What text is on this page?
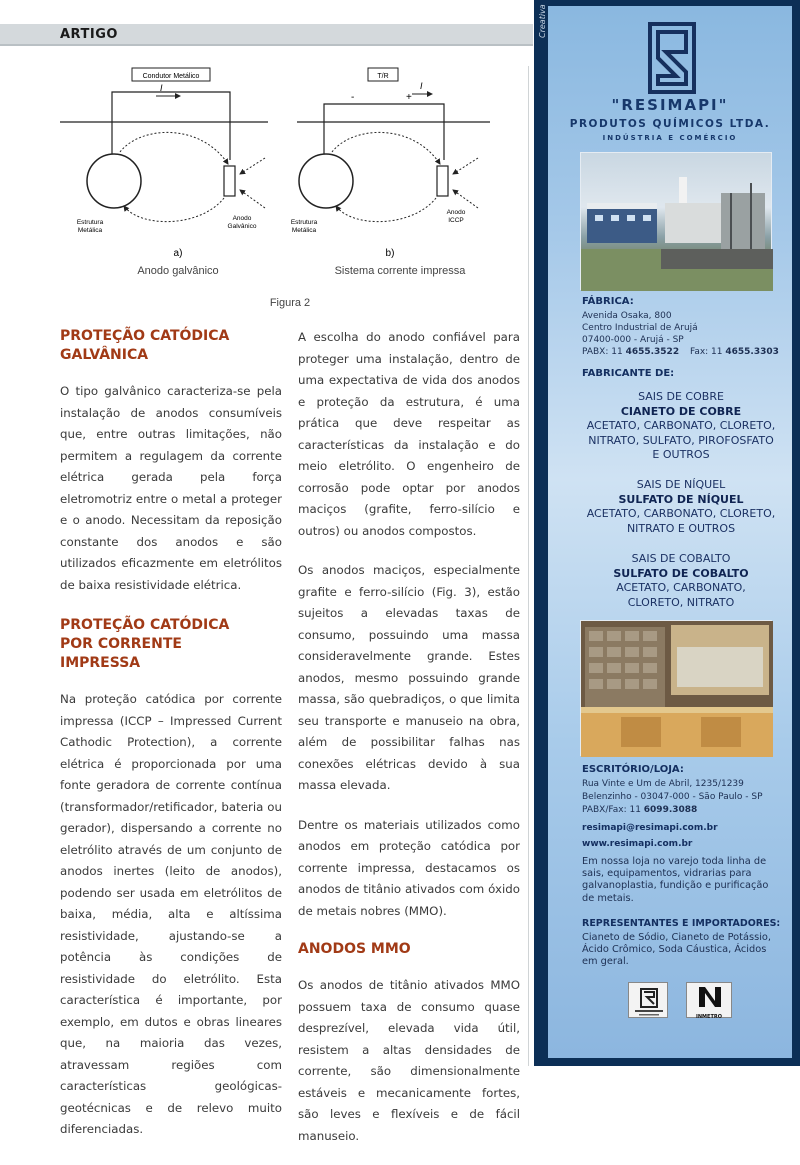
ARTIGO
Condutor Metálico
I
Estrutura
Metálica
Anodo
Galvânico
a)
Anodo galvânico
T/R
-	+
I
Estrutura
Metálica
Anodo
ICCP
b)
Sistema corrente impressa
Figura 2
PROTEÇÃO CATÓDICA GALVÂNICA
O tipo galvânico caracteriza-se pela instalação de anodos consumíveis que, entre outras limitações, não permitem a regulagem da corrente elétrica gerada pela força eletromotriz entre o metal a proteger e o anodo. Necessitam da reposição constante dos anodos e são utilizados eficazmente em eletrólitos de baixa resistividade elétrica.
PROTEÇÃO CATÓDICA POR CORRENTE IMPRESSA
Na proteção catódica por corrente impressa (ICCP – Impressed Current Cathodic Protection), a corrente elétrica é proporcionada por uma fonte geradora de corrente contínua (transformador/retificador, bateria ou gerador), dispersando a corrente no eletrólito através de um conjunto de anodos inertes (leito de anodos), podendo ser usada em eletrólitos de baixa, média, alta e altíssima resistividade, ajustando-se a potência às condições de resistividade do eletrólito. Esta característica é importante, por exemplo, em dutos e obras lineares que, na maioria das vezes, atravessam regiões com características geológicas-geotécnicas e de relevo muito diferenciadas.
A escolha do anodo confiável para proteger uma instalação, dentro de uma expectativa de vida dos anodos e proteção da estrutura, é uma prática que deve respeitar as características da instalação e do meio eletrólito. O engenheiro de corrosão pode optar por anodos maciços (grafite, ferro-silício e outros) ou anodos compostos.
Os anodos maciços, especialmente grafite e ferro-silício (Fig. 3), estão sujeitos a elevadas taxas de consumo, possuindo uma massa consideravelmente grande. Estes anodos, mesmo possuindo grande massa, são quebradiços, o que limita seu transporte e manuseio na obra, além de possibilitar falhas nas conexões elétricas devido à sua massa elevada.
Dentre os materiais utilizados como anodos em proteção catódica por corrente impressa, destacamos os anodos de titânio ativados com óxido de metais nobres (MMO).
ANODOS MMO
Os anodos de titânio ativados MMO possuem taxa de consumo quase desprezível, elevada vida útil, resistem a altas densidades de corrente, são dimensionalmente estáveis e mecanicamente fortes, são leves e flexíveis e de fácil manuseio.
Creativa
"RESIMAPI"
PRODUTOS QUÍMICOS LTDA.
INDÚSTRIA E COMÉRCIO
FÁBRICA:
Avenida Osaka, 800
Centro Industrial de Arujá
07400-000 - Arujá - SP
PABX: 11 4655.3522 Fax: 11 4655.3303
FABRICANTE DE:
SAIS DE COBRE
CIANETO DE COBRE
ACETATO, CARBONATO, CLORETO,
NITRATO, SULFATO, PIROFOSFATO
E OUTROS
SAIS DE NÍQUEL
SULFATO DE NÍQUEL
ACETATO, CARBONATO, CLORETO,
NITRATO E OUTROS
SAIS DE COBALTO
SULFATO DE COBALTO
ACETATO, CARBONATO,
CLORETO, NITRATO
ESCRITÓRIO/LOJA:
Rua Vinte e Um de Abril, 1235/1239
Belenzinho - 03047-000 - São Paulo - SP
PABX/Fax: 11 6099.3088
resimapi@resimapi.com.br
www.resimapi.com.br
Em nossa loja no varejo toda linha de sais, equipamentos, vidrarias para galvanoplastia, fundição e purificação de metais.
REPRESENTANTES E IMPORTADORES:
Cianeto de Sódio, Cianeto de Potássio, Ácido Crômico, Soda Cáustica, Ácidos em geral.
INMETRO
